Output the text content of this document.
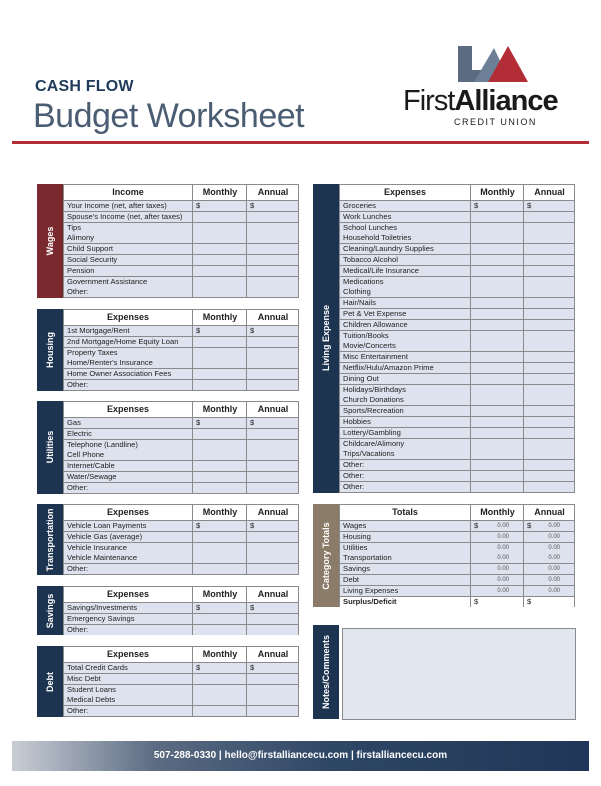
CASH FLOW
Budget Worksheet	FirstAlliance
CREDIT UNION
Wages
Income	Monthly	Annual
Your Income (net, after taxes)	$	$
Spouse's Income (net, after taxes)
Tips
Alimony
Child Support
Social Security
Pension
Government Assistance
Other:
Housing
Expenses	Monthly	Annual
1st Mortgage/Rent	$	$
2nd Mortgage/Home Equity Loan
Property Taxes
Home/Renter's Insurance
Home Owner Association Fees
Other:
Utilities
Expenses	Monthly	Annual
Gas	$	$
Electric
Telephone (Landline)
Cell Phone
Internet/Cable
Water/Sewage
Other:
Transportation	Expenses	Monthly	Annual
Vehicle Loan Payments	$	$
Vehicle Gas (average)
Vehicle Insurance
Vehicle Maintenance
Other:
Savings	Expenses	Monthly	Annual
Savings/Investments	$	$
Emergency Savings
Other:
Debt
Expenses	Monthly	Annual
Total Credit Cards	$	$
Misc Debt
Student Loans
Medical Debts
Other:
Living Expense
Expenses	Monthly	Annual
Groceries	$	$
Work Lunches
School Lunches
Household Toiletries
Cleaning/Laundry Supplies
Tobacco Alcohol
Medical/Life Insurance
Medications
Clothing
Hair/Nails
Pet & Vet Expense
Children Allowance
Tuition/Books
Movie/Concerts
Misc Entertainment
Netflix/Hulu/Amazon Prime
Dining Out
Holidays/Birthdays
Church Donations
Sports/Recreation
Hobbies
Lottery/Gambling
Childcare/Alimony
Trips/Vacations
Other:
Other:
Other:
Category Totals
Totals	Monthly	Annual
Wages	$	0.00	$	0.00
Housing	0.00	0.00
Utilities	0.00	0.00
Transportation	0.00	0.00
Savings	0.00	0.00
Debt	0.00	0.00
Living Expenses	0.00	0.00
Surplus/Deficit	$	$
Notes/Comments
507-288-0330 | hello@firstalliancecu.com | firstalliancecu.com
